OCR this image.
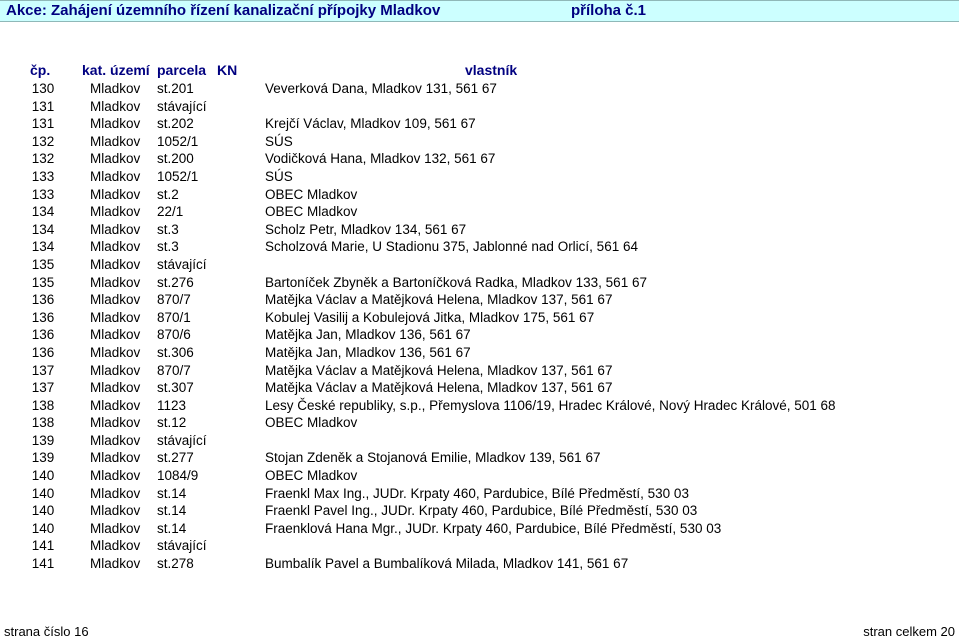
Akce: Zahájení územního řízení kanalizační přípojky Mladkov	příloha č.1
čp. kat. území parcela KN	vlastník
130	Mladkov st.201	Veverková Dana, Mladkov 131, 561 67
131	Mladkov stávající
131	Mladkov st.202	Krejčí Václav, Mladkov 109, 561 67
132	Mladkov 1052/1	SÚS
132	Mladkov st.200	Vodičková Hana, Mladkov 132, 561 67
133	Mladkov 1052/1	SÚS
133	Mladkov st.2	OBEC Mladkov
134	Mladkov 22/1	OBEC Mladkov
134	Mladkov st.3	Scholz Petr, Mladkov 134, 561 67
134	Mladkov st.3	Scholzová Marie, U Stadionu 375, Jablonné nad Orlicí, 561 64
135	Mladkov stávající
135	Mladkov st.276	Bartoníček Zbyněk a Bartoníčková Radka, Mladkov 133, 561 67
136	Mladkov 870/7	Matějka Václav a Matějková Helena, Mladkov 137, 561 67
136	Mladkov 870/1	Kobulej Vasilij a Kobulejová Jitka, Mladkov 175, 561 67
136	Mladkov 870/6	Matějka Jan, Mladkov 136, 561 67
136	Mladkov st.306	Matějka Jan, Mladkov 136, 561 67
137	Mladkov 870/7	Matějka Václav a Matějková Helena, Mladkov 137, 561 67
137	Mladkov st.307	Matějka Václav a Matějková Helena, Mladkov 137, 561 67
138	Mladkov 1123	Lesy České republiky, s.p., Přemyslova 1106/19, Hradec Králové, Nový Hradec Králové, 501 68
138	Mladkov st.12	OBEC Mladkov
139	Mladkov stávající
139	Mladkov st.277	Stojan Zdeněk a Stojanová Emilie, Mladkov 139, 561 67
140	Mladkov 1084/9	OBEC Mladkov
140	Mladkov st.14	Fraenkl Max Ing., JUDr. Krpaty 460, Pardubice, Bílé Předměstí, 530 03
140	Mladkov st.14	Fraenkl Pavel Ing., JUDr. Krpaty 460, Pardubice, Bílé Předměstí, 530 03
140	Mladkov st.14	Fraenklová Hana Mgr., JUDr. Krpaty 460, Pardubice, Bílé Předměstí, 530 03
141	Mladkov stávající
141	Mladkov st.278	Bumbalík Pavel a Bumbalíková Milada, Mladkov 141, 561 67
strana číslo 16	stran celkem 20
